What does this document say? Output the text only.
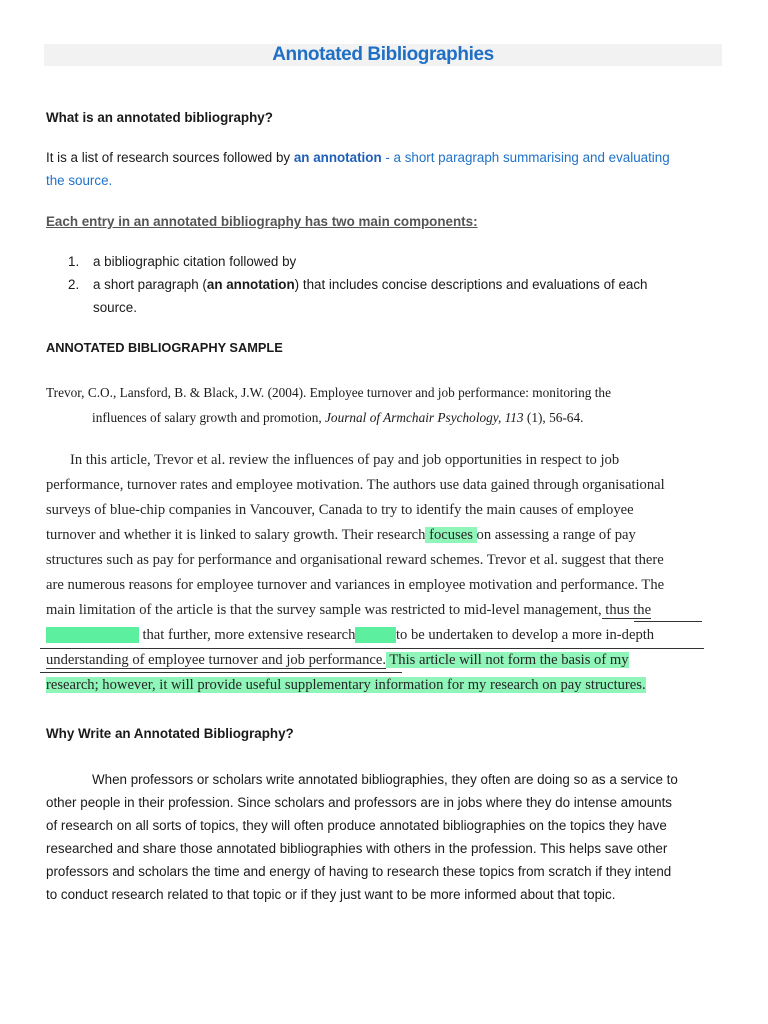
Annotated Bibliographies
What is an annotated bibliography?
It is a list of research sources followed by an annotation - a short paragraph summarising and evaluating
the source.
Each entry in an annotated bibliography has two main components:
1. a bibliographic citation followed by
2. a short paragraph (an annotation) that includes concise descriptions and evaluations of each
source.
ANNOTATED BIBLIOGRAPHY SAMPLE
Trevor, C.O., Lansford, B. & Black, J.W. (2004). Employee turnover and job performance: monitoring the
influences of salary growth and promotion, Journal of Armchair Psychology, 113 (1), 56-64.
In this article, Trevor et al. review the influences of pay and job opportunities in respect to job
performance, turnover rates and employee motivation. The authors use data gained through organisational
surveys of blue-chip companies in Vancouver, Canada to try to identify the main causes of employee
turnover and whether it is linked to salary growth. Their research focuses on assessing a range of pay
structures such as pay for performance and organisational reward schemes. Trevor et al. suggest that there
are numerous reasons for employee turnover and variances in employee motivation and performance. The
main limitation of the article is that the survey sample was restricted to mid-level management, thus the
authors indicate that further, more extensive research needs to be undertaken to develop a more in-depth
understanding of employee turnover and job performance. This article will not form the basis of my
research; however, it will provide useful supplementary information for my research on pay structures.
Why Write an Annotated Bibliography?
When professors or scholars write annotated bibliographies, they often are doing so as a service to
other people in their profession. Since scholars and professors are in jobs where they do intense amounts
of research on all sorts of topics, they will often produce annotated bibliographies on the topics they have
researched and share those annotated bibliographies with others in the profession. This helps save other
professors and scholars the time and energy of having to research these topics from scratch if they intend
to conduct research related to that topic or if they just want to be more informed about that topic.
